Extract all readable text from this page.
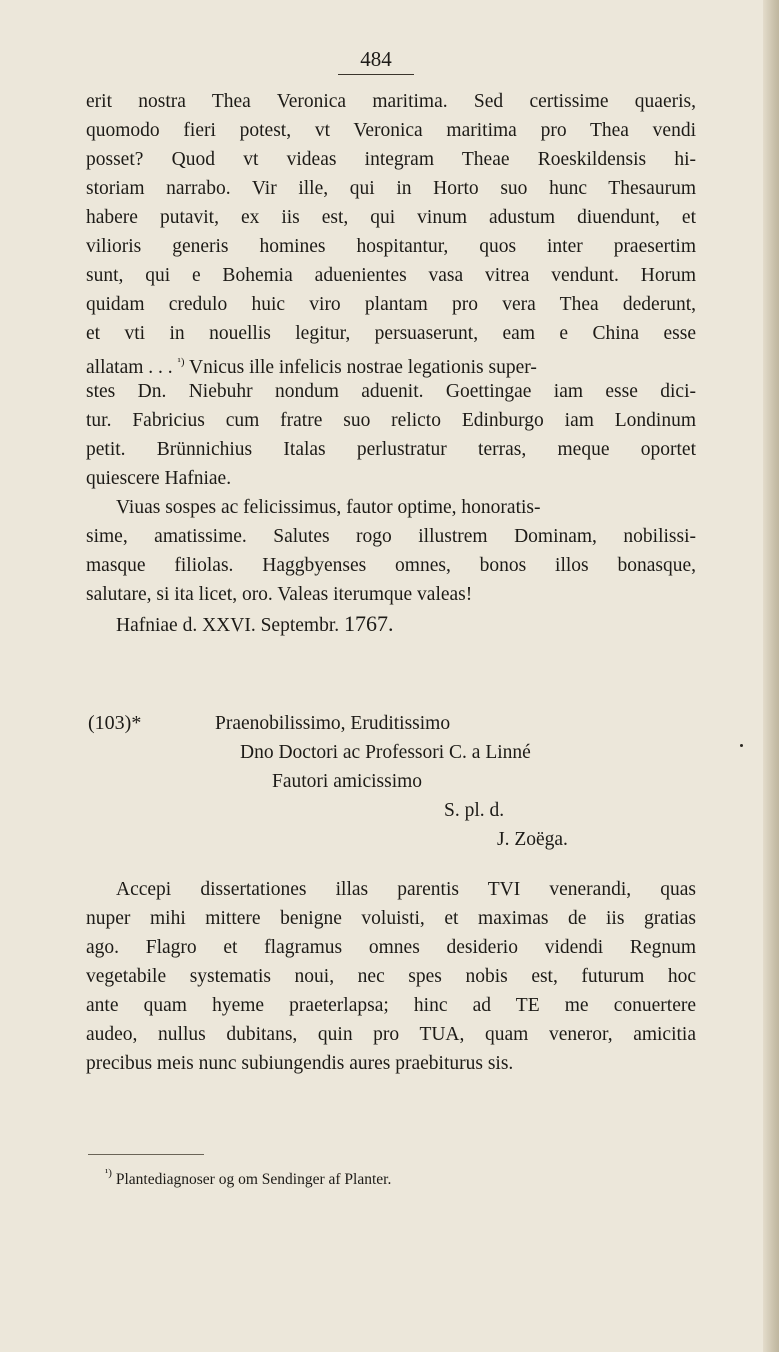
484
erit nostra Thea Veronica maritima. Sed certissime quaeris,
quomodo fieri potest, vt Veronica maritima pro Thea vendi
posset? Quod vt videas integram Theae Roeskildensis hi-
storiam narrabo. Vir ille, qui in Horto suo hunc Thesaurum
habere putavit, ex iis est, qui vinum adustum diuendunt, et
vilioris generis homines hospitantur, quos inter praesertim
sunt, qui e Bohemia aduenientes vasa vitrea vendunt. Horum
quidam credulo huic viro plantam pro vera Thea dederunt,
et vti in nouellis legitur, persuaserunt, eam e China esse
allatam . . . $^{^1)}$ Vnicus ille infelicis nostrae legationis super-
stes Dn. Niebuhr nondum aduenit. Goettingae iam esse dici-
tur. Fabricius cum fratre suo relicto Edinburgo iam Londinum
petit. Brünnichius Italas perlustratur terras, meque oportet
quiescere Hafniae.
Viuas sospes ac felicissimus, fautor optime, honoratis-
sime, amatissime. Salutes rogo illustrem Dominam, nobilissi-
masque filiolas. Haggbyenses omnes, bonos illos bonasque,
salutare, si ita licet, oro. Valeas iterumque valeas!
Hafniae d. XXVI. Septembr. 1767.
(103)*	Praenobilissimo, Eruditissimo
Dno Doctori ac Professori C. a Linné
Fautori amicissimo
S. pl. d.
J. Zoëga.
Accepi dissertationes illas parentis TVI venerandi, quas
nuper mihi mittere benigne voluisti, et maximas de iis gratias
ago. Flagro et flagramus omnes desiderio videndi Regnum
vegetabile systematis noui, nec spes nobis est, futurum hoc
ante quam hyeme praeterlapsa; hinc ad TE me conuertere
audeo, nullus dubitans, quin pro TUA, quam veneror, amicitia
precibus meis nunc subiungendis aures praebiturus sis.
$^{^1)}$ Plantediagnoser og om Sendinger af Planter.
